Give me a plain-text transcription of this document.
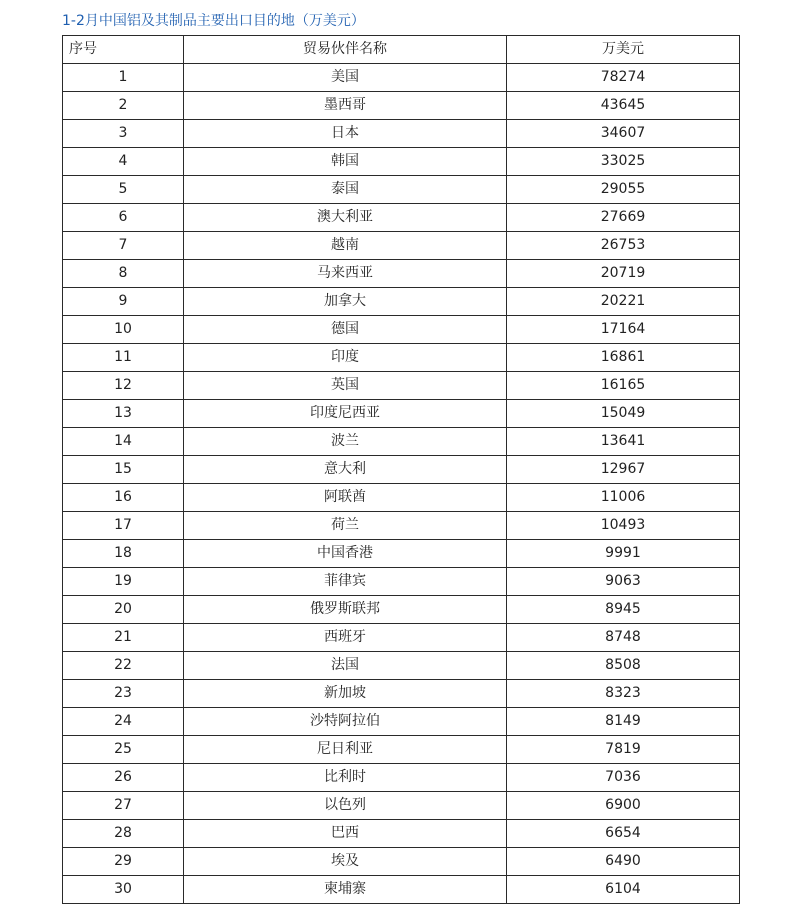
1-2月中国铝及其制品主要出口目的地（万美元）
序号	贸易伙伴名称	万美元
1	美国	78274
2	墨西哥	43645
3	日本	34607
4	韩国	33025
5	泰国	29055
6	澳大利亚	27669
7	越南	26753
8	马来西亚	20719
9	加拿大	20221
10	德国	17164
11	印度	16861
12	英国	16165
13	印度尼西亚	15049
14	波兰	13641
15	意大利	12967
16	阿联酋	11006
17	荷兰	10493
18	中国香港	9991
19	菲律宾	9063
20	俄罗斯联邦	8945
21	西班牙	8748
22	法国	8508
23	新加坡	8323
24	沙特阿拉伯	8149
25	尼日利亚	7819
26	比利时	7036
27	以色列	6900
28	巴西	6654
29	埃及	6490
30	柬埔寨	6104
